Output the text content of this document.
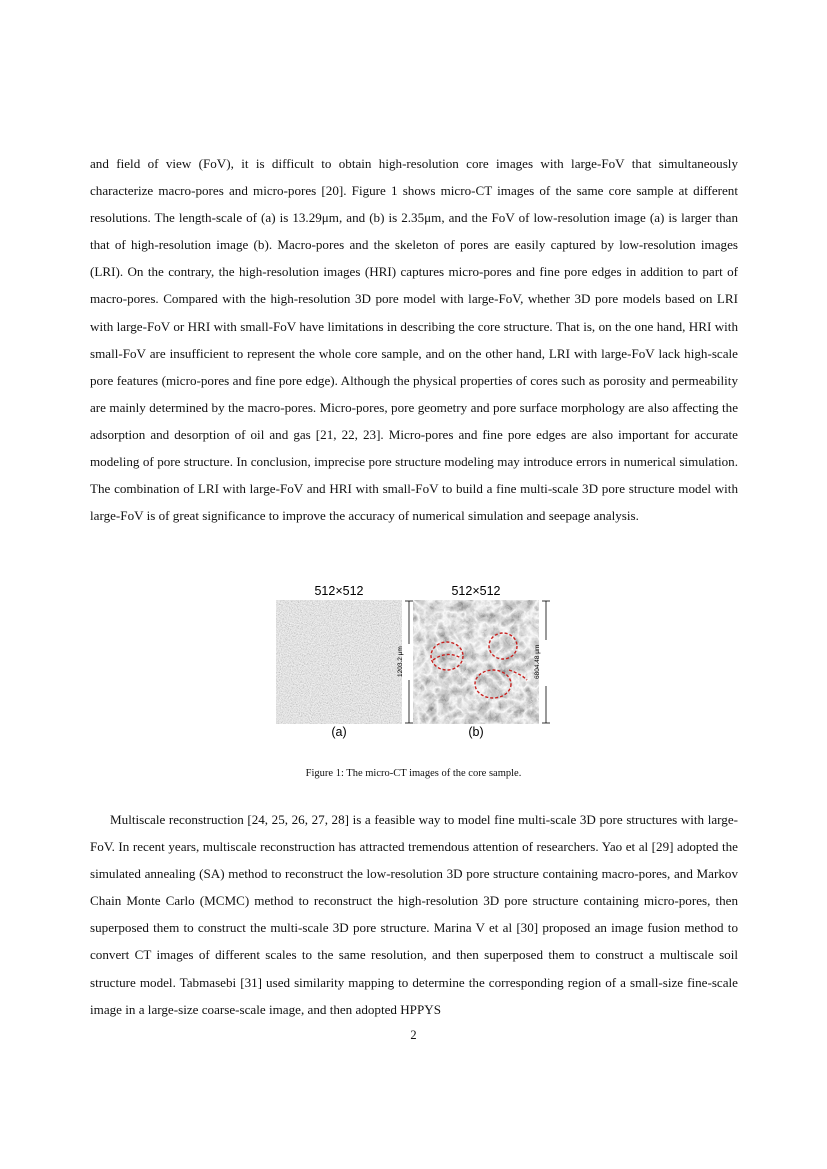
and field of view (FoV), it is difficult to obtain high-resolution core images with large-FoV that simultaneously characterize macro-pores and micro-pores [20]. Figure 1 shows micro-CT images of the same core sample at different resolutions. The length-scale of (a) is 13.29μm, and (b) is 2.35μm, and the FoV of low-resolution image (a) is larger than that of high-resolution image (b). Macro-pores and the skeleton of pores are easily captured by low-resolution images (LRI). On the contrary, the high-resolution images (HRI) captures micro-pores and fine pore edges in addition to part of macro-pores. Compared with the high-resolution 3D pore model with large-FoV, whether 3D pore models based on LRI with large-FoV or HRI with small-FoV have limitations in describing the core structure. That is, on the one hand, HRI with small-FoV are insufficient to represent the whole core sample, and on the other hand, LRI with large-FoV lack high-scale pore features (micro-pores and fine pore edge). Although the physical properties of cores such as porosity and permeability are mainly determined by the macro-pores. Micro-pores, pore geometry and pore surface morphology are also affecting the adsorption and desorption of oil and gas [21, 22, 23]. Micro-pores and fine pore edges are also important for accurate modeling of pore structure. In conclusion, imprecise pore structure modeling may introduce errors in numerical simulation. The combination of LRI with large-FoV and HRI with small-FoV to build a fine multi-scale 3D pore structure model with large-FoV is of great significance to improve the accuracy of numerical simulation and seepage analysis.

512×512
1203.2 μm
(a)
512×512
6804.48 μm
(b)
Figure 1: The micro-CT images of the core sample.

Multiscale reconstruction [24, 25, 26, 27, 28] is a feasible way to model fine multi-scale 3D pore structures with large-FoV. In recent years, multiscale reconstruction has attracted tremendous attention of researchers. Yao et al [29] adopted the simulated annealing (SA) method to reconstruct the low-resolution 3D pore structure containing macro-pores, and Markov Chain Monte Carlo (MCMC) method to reconstruct the high-resolution 3D pore structure containing micro-pores, then superposed them to construct the multi-scale 3D pore structure. Marina V et al [30] proposed an image fusion method to convert CT images of different scales to the same resolution, and then superposed them to construct a multiscale soil structure model. Tabmasebi [31] used similarity mapping to determine the corresponding region of a small-size fine-scale image in a large-size coarse-scale image, and then adopted HPPYS

2
